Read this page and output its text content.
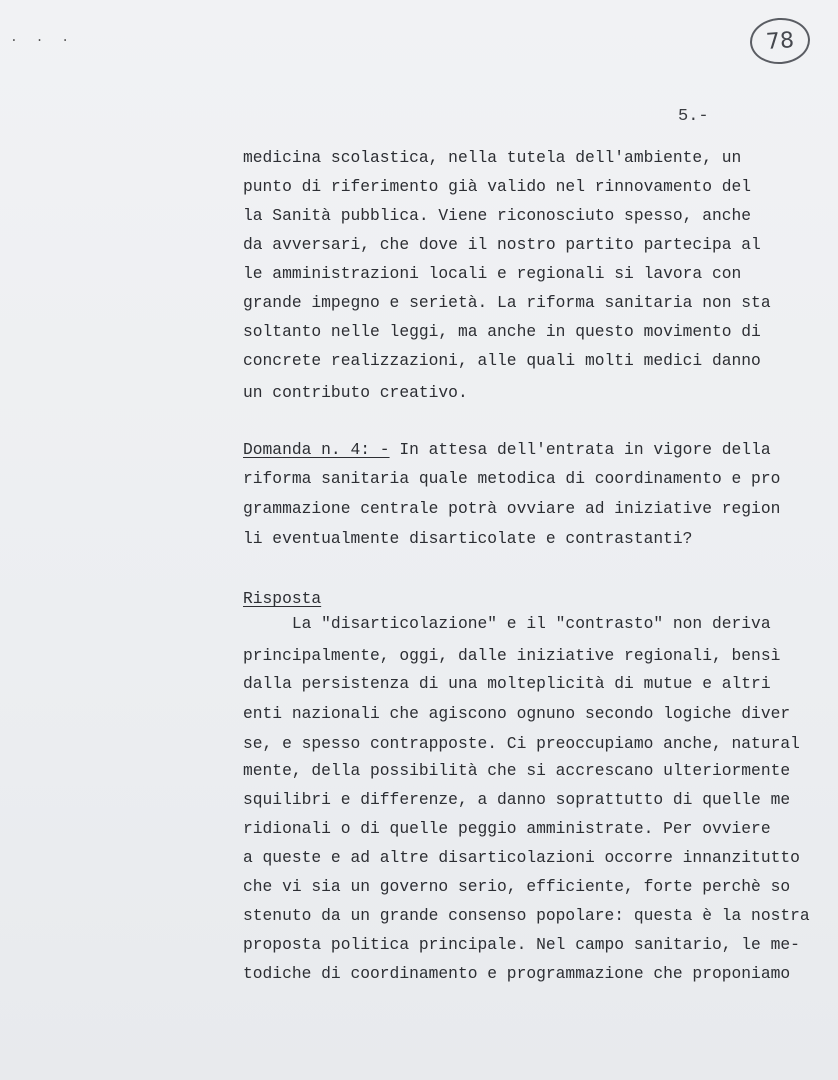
. . .	78
5.-
medicina scolastica, nella tutela dell'ambiente, un
punto di riferimento già valido nel rinnovamento del
la Sanità pubblica. Viene riconosciuto spesso, anche
da avversari, che dove il nostro partito partecipa al
le amministrazioni locali e regionali si lavora con
grande impegno e serietà. La riforma sanitaria non sta
soltanto nelle leggi, ma anche in questo movimento di
concrete realizzazioni, alle quali molti medici danno
un contributo creativo.
Domanda n. 4: - In attesa dell'entrata in vigore della
riforma sanitaria quale metodica di coordinamento e pro
grammazione centrale potrà ovviare ad iniziative region
li eventualmente disarticolate e contrastanti?
Risposta
La "disarticolazione" e il "contrasto" non deriva
principalmente, oggi, dalle iniziative regionali, bensì
dalla persistenza di una molteplicità di mutue e altri
enti nazionali che agiscono ognuno secondo logiche diver
se, e spesso contrapposte. Ci preoccupiamo anche, natural
mente, della possibilità che si accrescano ulteriormente
squilibri e differenze, a danno soprattutto di quelle me
ridionali o di quelle peggio amministrate. Per ovviere
a queste e ad altre disarticolazioni occorre innanzitutto
che vi sia un governo serio, efficiente, forte perchè so
stenuto da un grande consenso popolare: questa è la nostra
proposta politica principale. Nel campo sanitario, le me-
todiche di coordinamento e programmazione che proponiamo
